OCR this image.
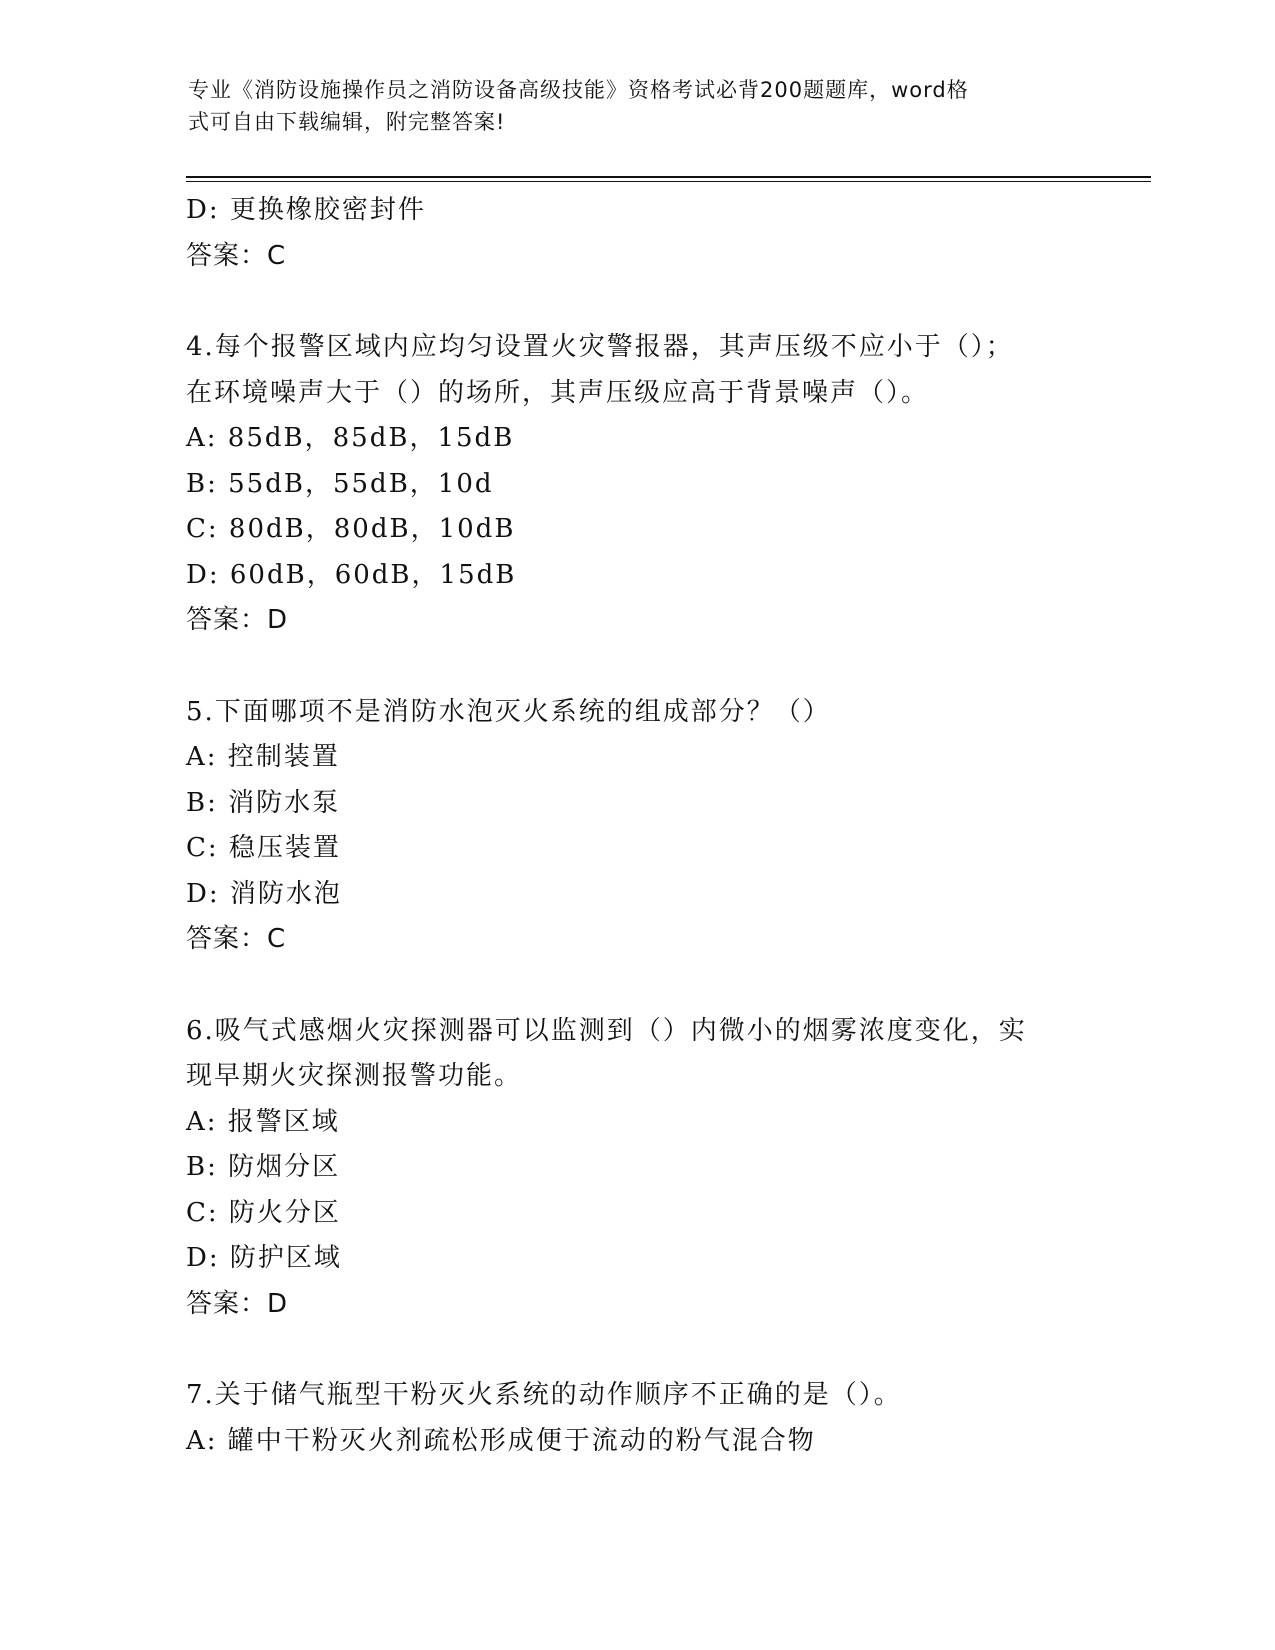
专业《消防设施操作员之消防设备高级技能》资格考试必背200题题库，word格
式可自由下载编辑，附完整答案!
D: 更换橡胶密封件
答案：C
4.每个报警区域内应均匀设置火灾警报器，其声压级不应小于（）；
在环境噪声大于（）的场所，其声压级应高于背景噪声（）。
A: 85dB，85dB，15dB
B: 55dB，55dB，10d
C: 80dB，80dB，10dB
D: 60dB，60dB，15dB
答案：D
5.下面哪项不是消防水泡灭火系统的组成部分？（）
A: 控制装置
B: 消防水泵
C: 稳压装置
D: 消防水泡
答案：C
6.吸气式感烟火灾探测器可以监测到（）内微小的烟雾浓度变化，实
现早期火灾探测报警功能。
A: 报警区域
B: 防烟分区
C: 防火分区
D: 防护区域
答案：D
7.关于储气瓶型干粉灭火系统的动作顺序不正确的是（）。
A: 罐中干粉灭火剂疏松形成便于流动的粉气混合物
